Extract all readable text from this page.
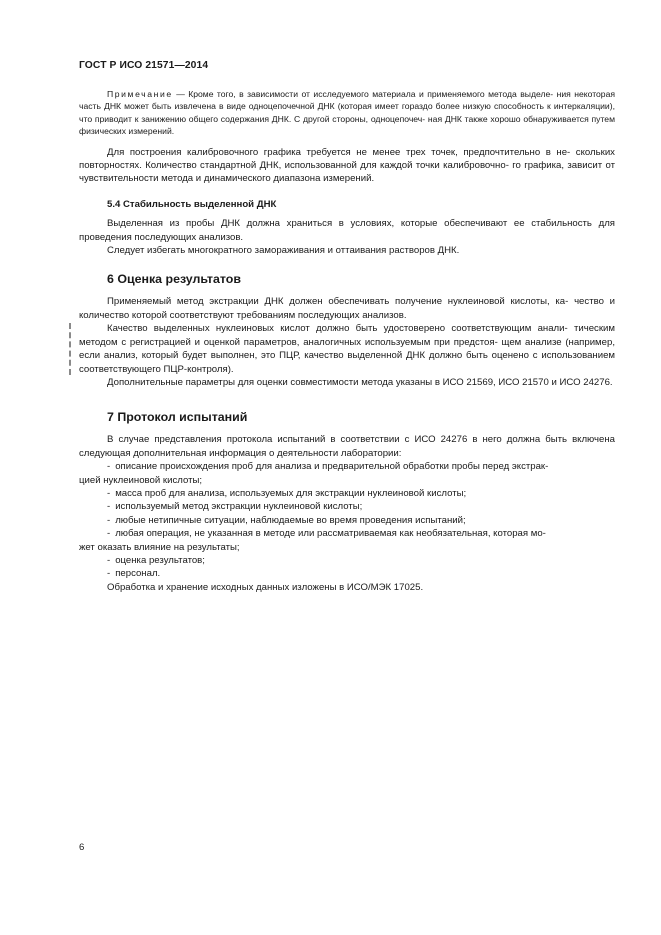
ГОСТ Р ИСО 21571—2014

Примечание — Кроме того, в зависимости от исследуемого материала и применяемого метода выделе- ния некоторая часть ДНК может быть извлечена в виде одноцепочечной ДНК (которая имеет гораздо более низкую способность к интеркаляции), что приводит к занижению общего содержания ДНК. С другой стороны, одноцепочеч- ная ДНК также хорошо обнаруживается путем физических измерений.

Для построения калибровочного графика требуется не менее трех точек, предпочтительно в не- скольких повторностях. Количество стандартной ДНК, использованной для каждой точки калибровочно- го графика, зависит от чувствительности метода и динамического диапазона измерений.

5.4 Стабильность выделенной ДНК

Выделенная из пробы ДНК должна храниться в условиях, которые обеспечивают ее стабильность для проведения последующих анализов.

Следует избегать многократного замораживания и оттаивания растворов ДНК.

6 Оценка результатов

Применяемый метод экстракции ДНК должен обеспечивать получение нуклеиновой кислоты, ка- чество и количество которой соответствуют требованиям последующих анализов.

Качество выделенных нуклеиновых кислот должно быть удостоверено соответствующим анали- тическим методом с регистрацией и оценкой параметров, аналогичных используемым при предстоя- щем анализе (например, если анализ, который будет выполнен, это ПЦР, качество выделенной ДНК должно быть оценено с использованием соответствующего ПЦР-контроля).

Дополнительные параметры для оценки совместимости метода указаны в ИСО 21569, ИСО 21570 и ИСО 24276.

7 Протокол испытаний

В случае представления протокола испытаний в соответствии с ИСО 24276 в него должна быть включена следующая дополнительная информация о деятельности лаборатории:

- описание происхождения проб для анализа и предварительной обработки пробы перед экстрак-

цией нуклеиновой кислоты;

- масса проб для анализа, используемых для экстракции нуклеиновой кислоты;

- используемый метод экстракции нуклеиновой кислоты;

- любые нетипичные ситуации, наблюдаемые во время проведения испытаний;

- любая операция, не указанная в методе или рассматриваемая как необязательная, которая мо-

жет оказать влияние на результаты;

- оценка результатов;

- персонал.

Обработка и хранение исходных данных изложены в ИСО/МЭК 17025.

6
